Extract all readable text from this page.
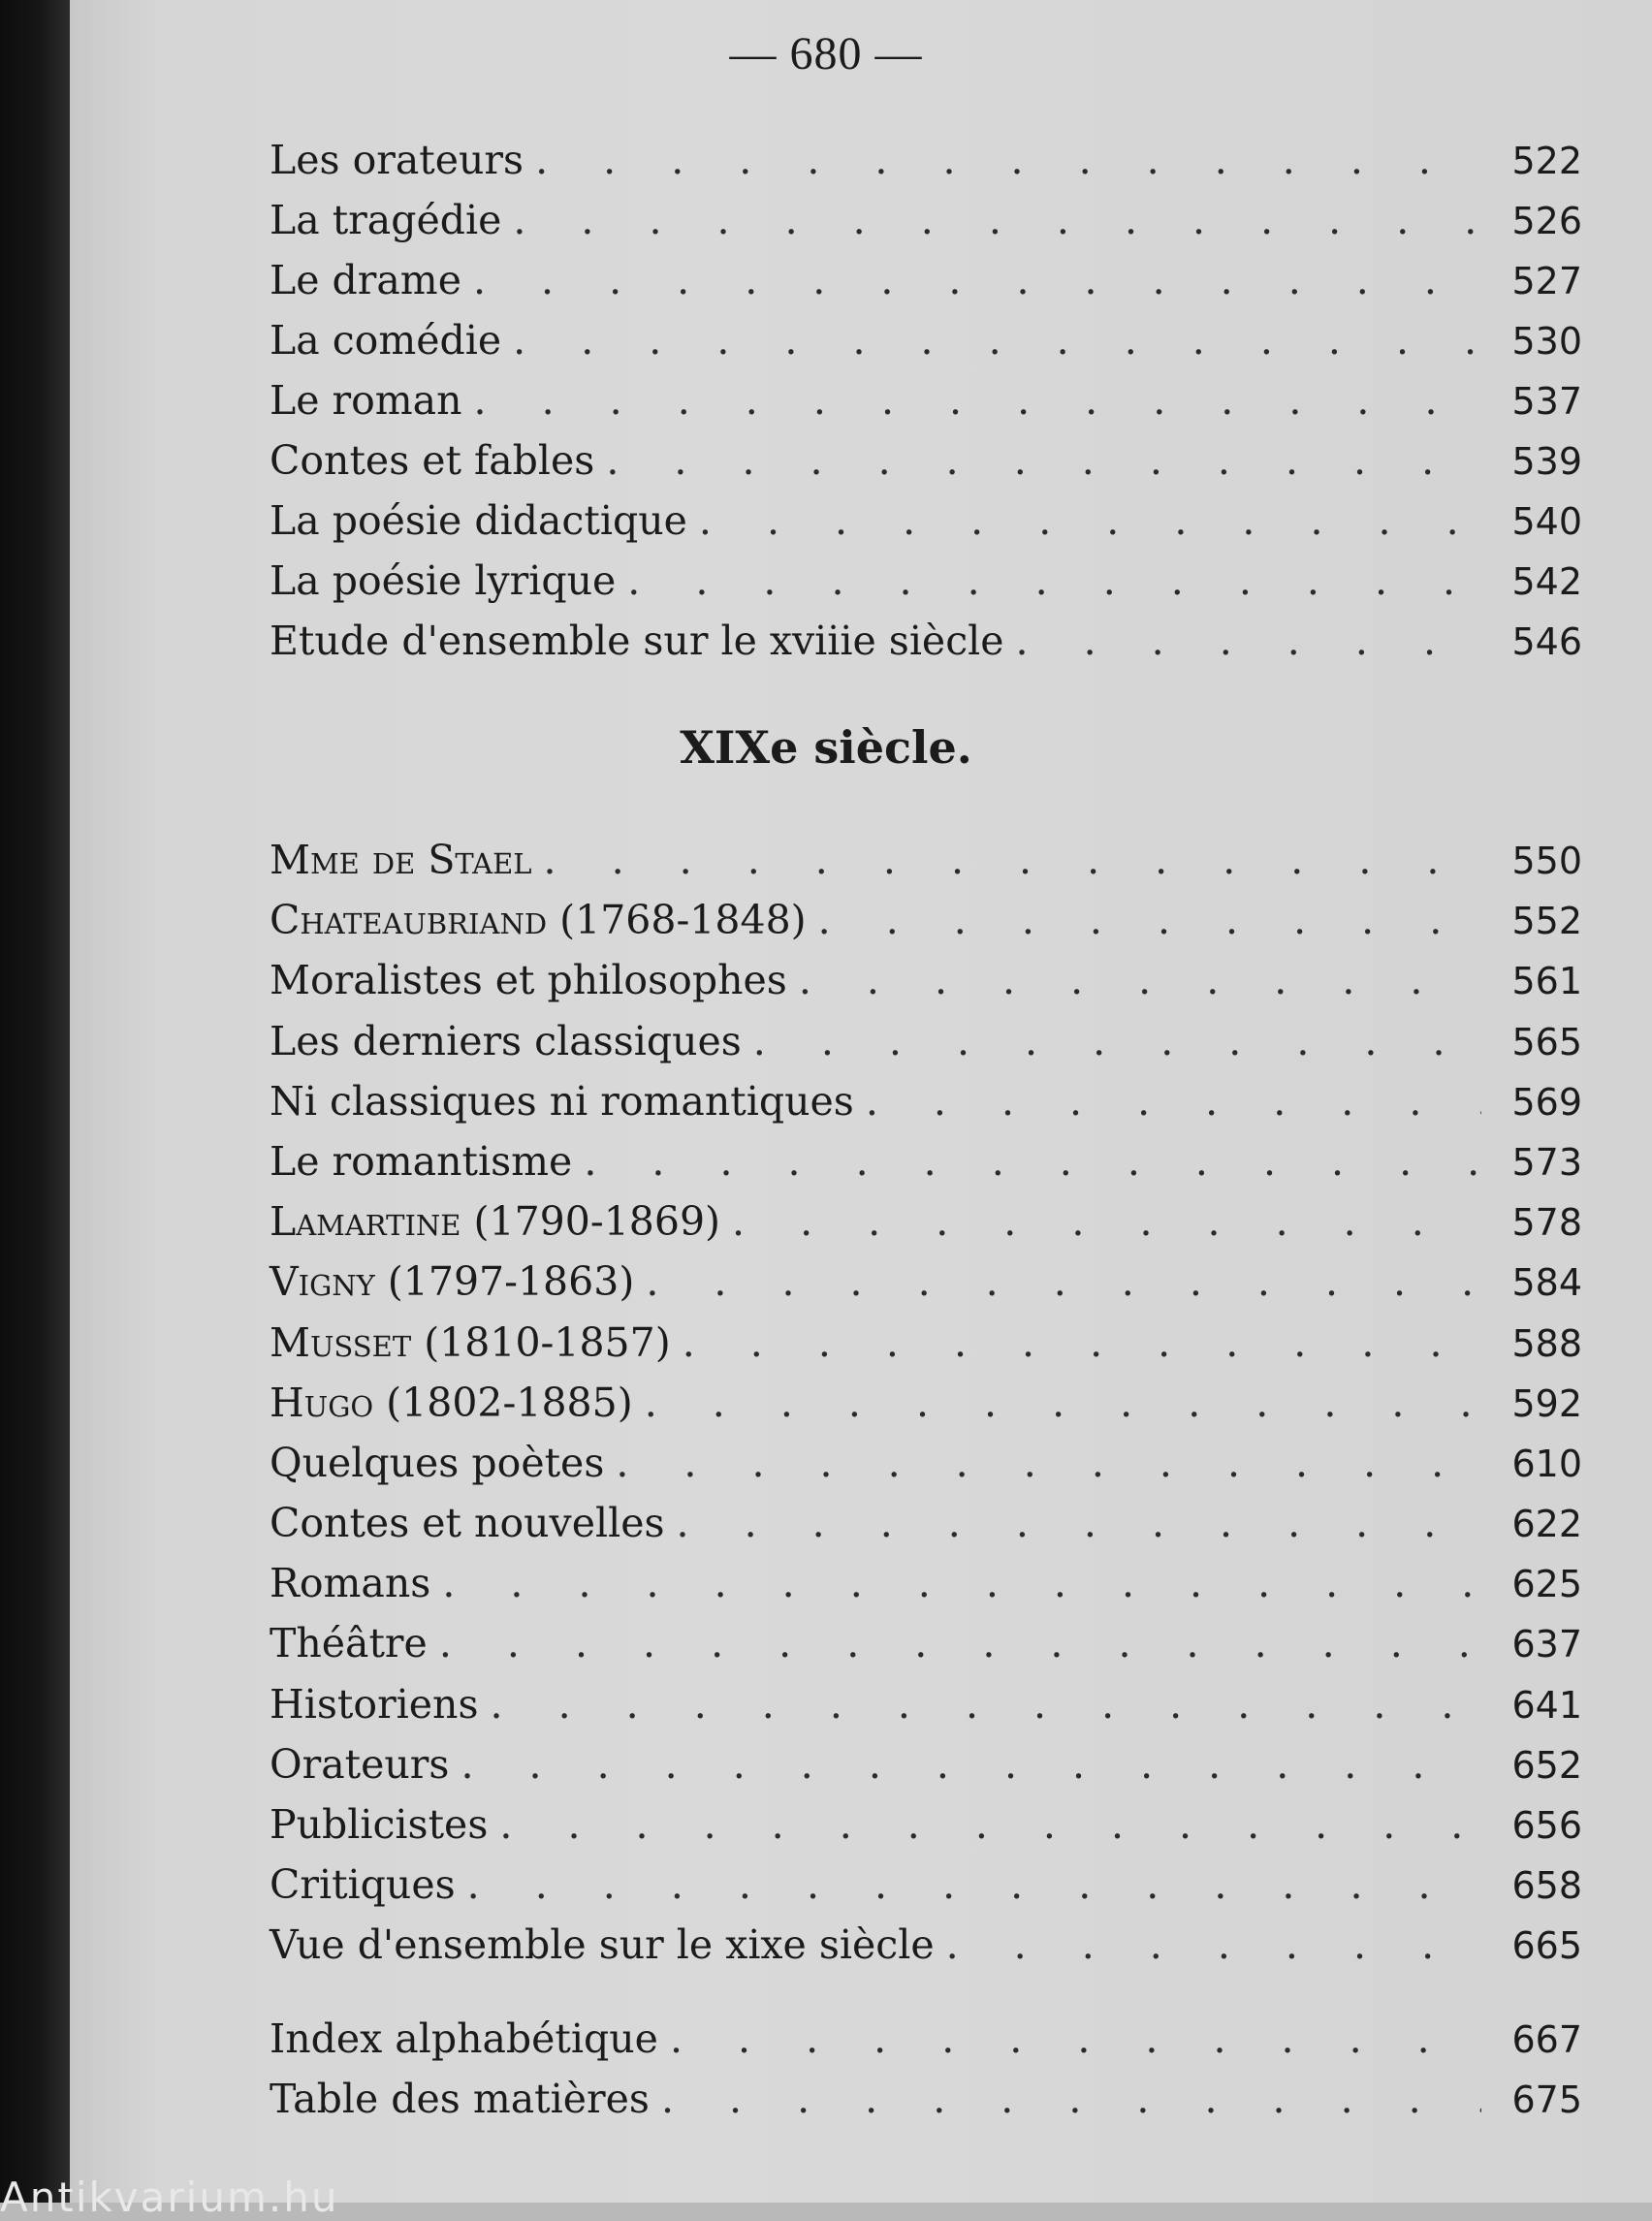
— 680 —
Les orateurs . . .	522
La tragédie . . .	526
Le drame . . .	527
La comédie . . .	530
Le roman . . .	537
Contes et fables . . .	539
La poésie didactique . . .	540
La poésie lyrique . . .	542
Etude d'ensemble sur le xviiie siècle . . .	546
XIXe siècle.
Mme de Stael . . .	550
Chateaubriand (1768-1848) . . .	552
Moralistes et philosophes . . .	561
Les derniers classiques . . .	565
Ni classiques ni romantiques . . .	569
Le romantisme . . .	573
Lamartine (1790-1869) . . .	578
Vigny (1797-1863) . . .	584
Musset (1810-1857) . . .	588
Hugo (1802-1885) . . .	592
Quelques poètes . . .	610
Contes et nouvelles . . .	622
Romans . . .	625
Théâtre . . .	637
Historiens . . .	641
Orateurs . . .	652
Publicistes . . .	656
Critiques . . .	658
Vue d'ensemble sur le xixe siècle . . .	665
Index alphabétique . . .	667
Table des matières . . .	675
Antikvarium.hu
